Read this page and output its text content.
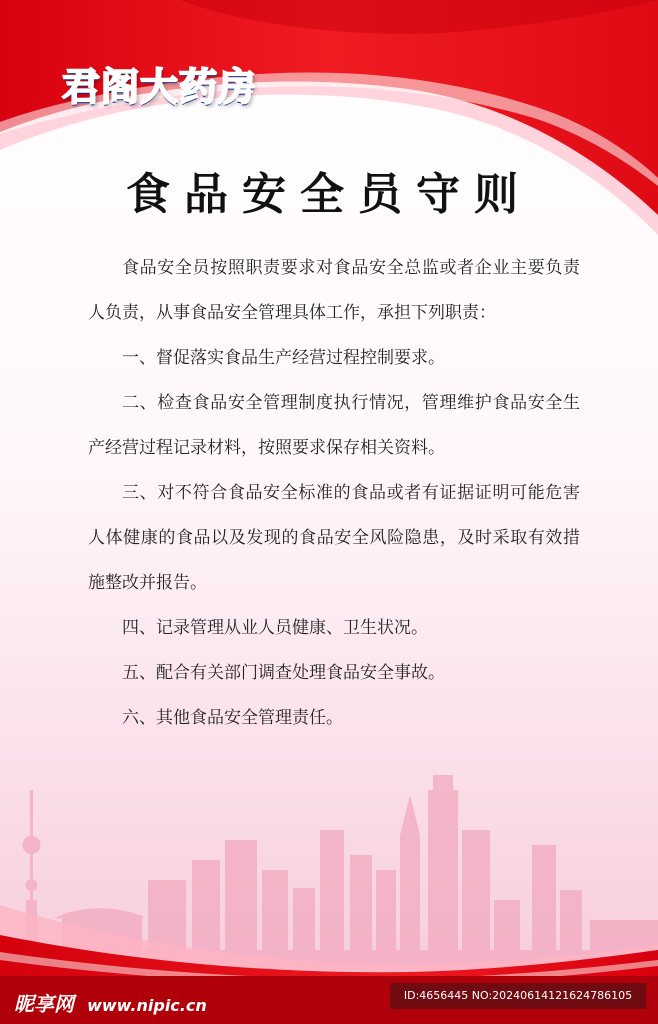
君阁大药房
食品安全员守则

食品安全员按照职责要求对食品安全总监或者企业主要负责人负责，从事食品安全管理具体工作，承担下列职责：

一、督促落实食品生产经营过程控制要求。

二、检查食品安全管理制度执行情况，管理维护食品安全生产经营过程记录材料，按照要求保存相关资料。

三、对不符合食品安全标准的食品或者有证据证明可能危害人体健康的食品以及发现的食品安全风险隐患，及时采取有效措施整改并报告。

四、记录管理从业人员健康、卫生状况。

五、配合有关部门调查处理食品安全事故。

六、其他食品安全管理责任。

昵享网 www.nipic.cn
ID:4656445 NO:20240614121624786105
